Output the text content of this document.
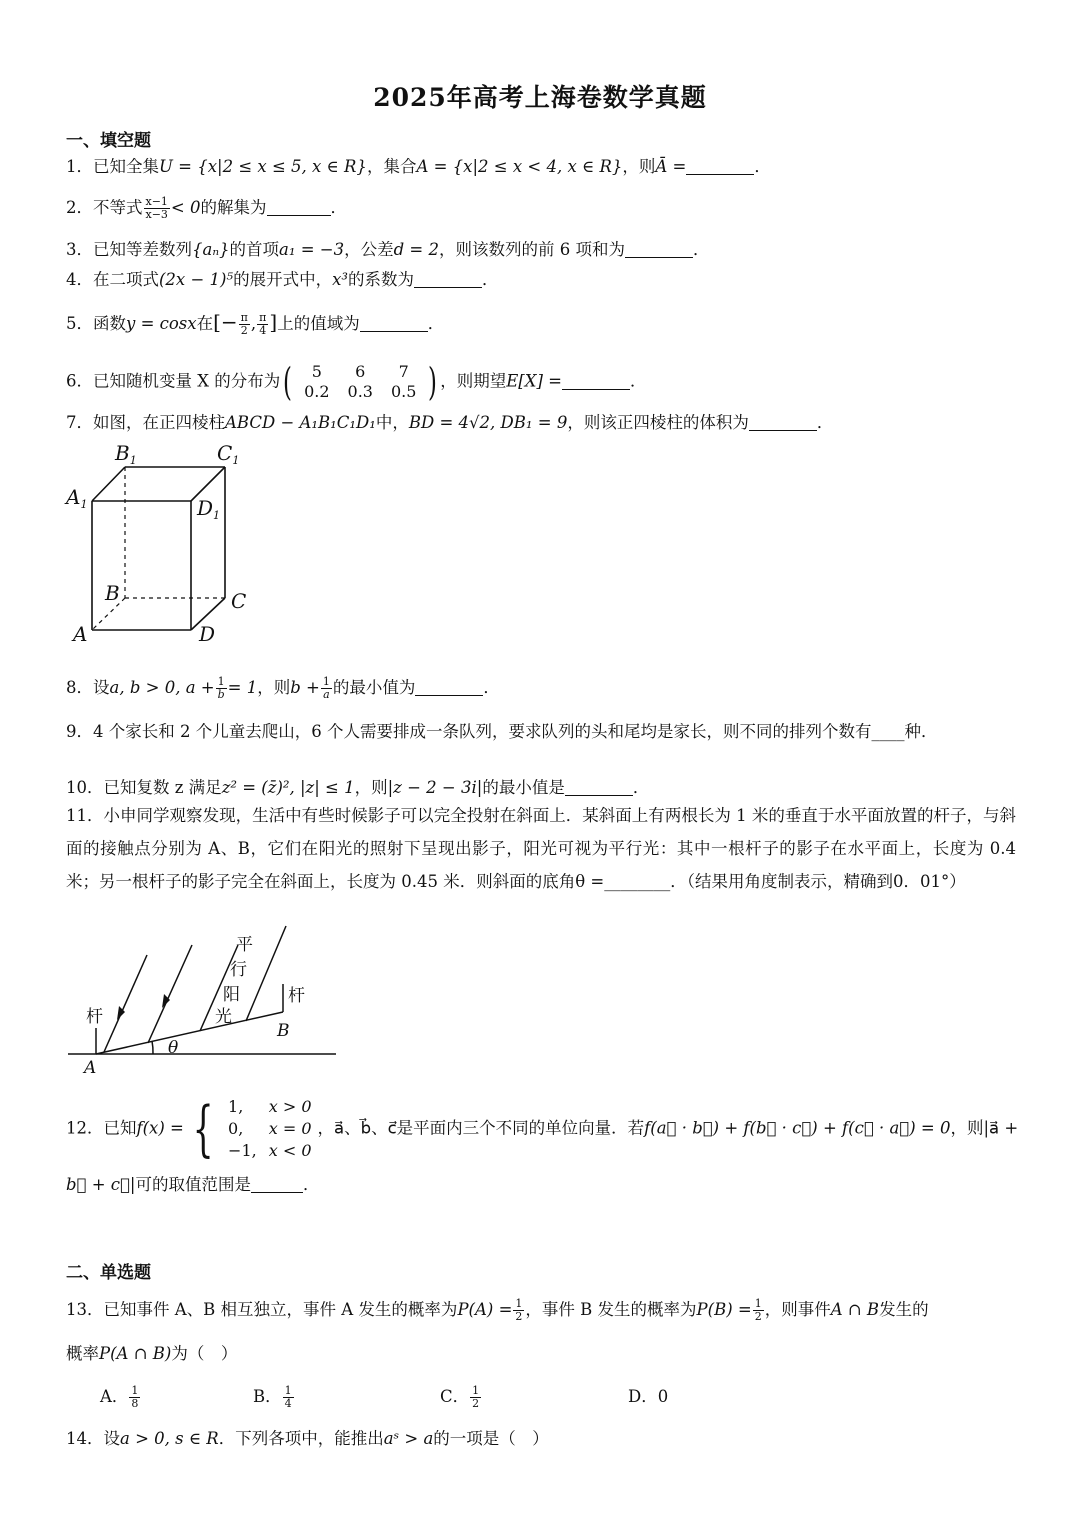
2025年高考上海卷数学真题
一、填空题
1．已知全集U = {x|2 ≤ x ≤ 5, x ∈ R}，集合A = {x|2 ≤ x < 4, x ∈ R}，则Ā =	．
2．不等式 $\frac{x-1}{x-3} < 0$的解集为	．
3．已知等差数列{aₙ}的首项a₁ = −3，公差d = 2，则该数列的前 6 项和为	．
4．在二项式(2x − 1)⁵的展开式中，x³的系数为	．
5．函数y = cosx在[− $\frac{\pi}{2}$ , $\frac{\pi}{4}$ ]上的值域为	．
6．已知随机变量 X 的分布为 ( 5	6	7
0.2	0.3	0.5 ) ，则期望E[X] =	．
7．如图，在正四棱柱ABCD − A₁B₁C₁D₁中，BD = 4√2, DB₁ = 9，则该正四棱柱的体积为	．
$B_1$	$C_1$
$A_1$	$D_1$
B	C
A	D
8．设a, b > 0, $a + \frac{1}{b} = 1$，则$b + \frac{1}{a}$ 的最小值为	．
9．4 个家长和 2 个儿童去爬山，6 个人需要排成一条队列，要求队列的头和尾均是家长，则不同的排列个数有____种．
10．已知复数 z 满足z² = (z̄)², |z| ≤ 1，则|z − 2 − 3i|的最小值是	．
11．小申同学观察发现，生活中有些时候影子可以完全投射在斜面上．某斜面上有两根长为 1 米的垂直于水平面放置的杆子，与斜面的接触点分别为 A、B，它们在阳光的照射下呈现出影子，阳光可视为平行光：其中一根杆子的影子在水平面上，长度为 0.4 米；另一根杆子的影子完全在斜面上，长度为 0.45 米．则斜面的底角θ =________．（结果用角度制表示，精确到0．01°）
杆
杆
平
行
阳
光
A
B
θ
12．已知f(x) = { 1,	x > 0
0,	x = 0
−1,	x < 0
，a⃗、b⃗、c⃗是平面内三个不同的单位向量．若f(a⃗ · b⃗) + f(b⃗ · c⃗) + f(c⃗ · a⃗) = 0，则|a⃗ +
b⃗ + c⃗|可的取值范围是	．
二、单选题
13．已知事件 A、B 相互独立，事件 A 发生的概率为$P(A) = \frac{1}{2}$ ，事件 B 发生的概率为$P(B) = \frac{1}{2}$ ，则事件A ∩ B发生的
概率P(A ∩ B)为（　）
A． $\frac{1}{8}$	B． $\frac{1}{4}$	C． $\frac{1}{2}$	D．0
14．设a > 0, s ∈ R．下列各项中，能推出aˢ > a的一项是（　）
